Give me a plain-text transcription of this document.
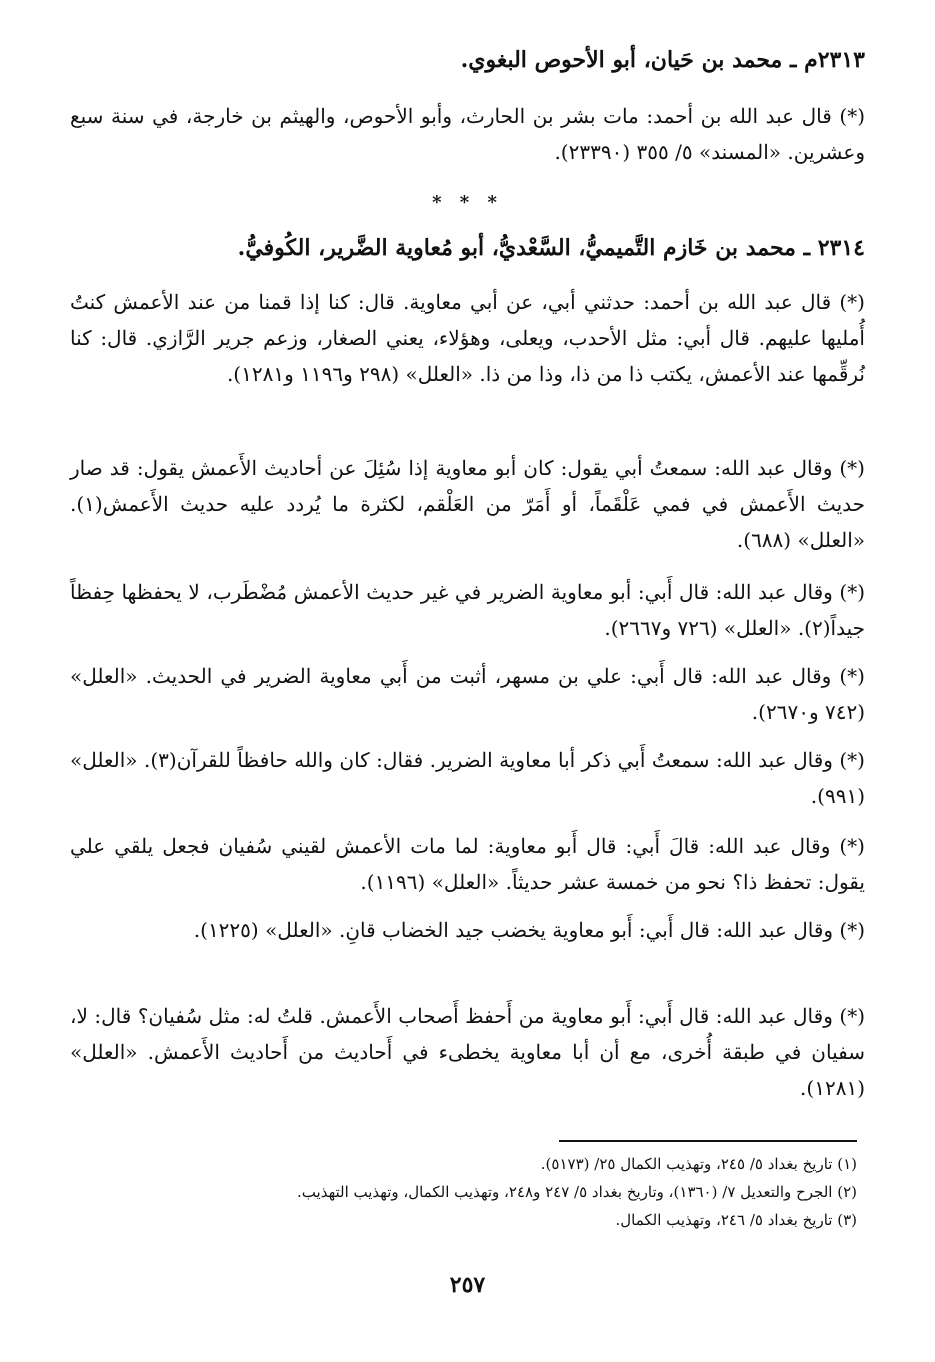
٢٣١٣م ـ محمد بن حَيان، أبو الأحوص البغوي.

(*) قال عبد الله بن أحمد: مات بشر بن الحارث، وأبو الأحوص، والهيثم بن خارجة، في سنة سبع وعشرين. «المسند» ٥/ ٣٥٥ (٢٣٣٩٠).

* * *
٢٣١٤ ـ محمد بن خَازم التَّميميُّ، السَّعْديُّ، أبو مُعاوية الضَّرير، الكُوفيُّ.

(*) قال عبد الله بن أحمد: حدثني أبي، عن أبي معاوية. قال: كنا إذا قمنا من عند الأعمش كنتُ أُمليها عليهم. قال أبي: مثل الأحدب، ويعلى، وهؤلاء، يعني الصغار، وزعم جرير الرَّازي. قال: كنا نُرقِّمها عند الأعمش، يكتب ذا من ذا، وذا من ذا. «العلل» (٢٩٨ و١١٩٦ و١٢٨١).

(*) وقال عبد الله: سمعتُ أبي يقول: كان أبو معاوية إذا سُئِلَ عن أحاديث الأَعمش يقول: قد صار حديث الأَعمش في فمي عَلْقَماً، أو أَمَرّ من العَلْقم، لكثرة ما يُردد عليه حديث الأَعمش(١). «العلل» (٦٨٨).

(*) وقال عبد الله: قال أَبي: أبو معاوية الضرير في غير حديث الأعمش مُضْطَرب، لا يحفظها حِفظاً جيداً(٢). «العلل» (٧٢٦ و٢٦٦٧).

(*) وقال عبد الله: قال أَبي: علي بن مسهر، أثبت من أَبي معاوية الضرير في الحديث. «العلل» (٧٤٢ و٢٦٧٠).

(*) وقال عبد الله: سمعتُ أَبي ذكر أبا معاوية الضرير. فقال: كان والله حافظاً للقرآن(٣). «العلل» (٩٩١).

(*) وقال عبد الله: قالَ أَبي: قال أَبو معاوية: لما مات الأعمش لقيني سُفيان فجعل يلقي علي يقول: تحفظ ذا؟ نحو من خمسة عشر حديثاً. «العلل» (١١٩٦).

(*) وقال عبد الله: قال أَبي: أَبو معاوية يخضب جيد الخضاب قانِ. «العلل» (١٢٢٥).

(*) وقال عبد الله: قال أَبي: أَبو معاوية من أَحفظ أَصحاب الأَعمش. قلتُ له: مثل سُفيان؟ قال: لا، سفيان في طبقة أُخرى، مع أن أبا معاوية يخطىء في أَحاديث من أَحاديث الأَعمش. «العلل» (١٢٨١).

(١) تاريخ بغداد ٥/ ٢٤٥، وتهذيب الكمال ٢٥/ (٥١٧٣).
(٢) الجرح والتعديل ٧/ (١٣٦٠)، وتاريخ بغداد ٥/ ٢٤٧ و٢٤٨، وتهذيب الكمال، وتهذيب التهذيب.
(٣) تاريخ بغداد ٥/ ٢٤٦، وتهذيب الكمال.
٢٥٧
